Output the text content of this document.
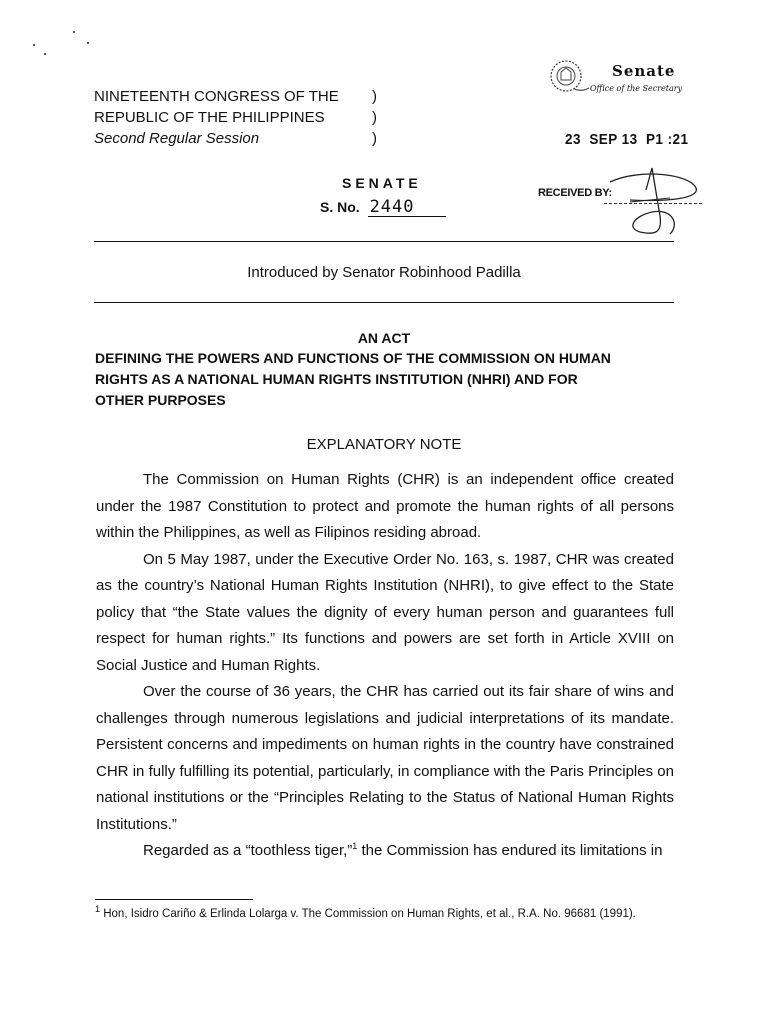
NINETEENTH CONGRESS OF THE
REPUBLIC OF THE PHILIPPINES
Second Regular Session
)
)
)
Senate
Office of the Secretary
23  SEP 13  P1 :21
RECEIVED BY:
SENATE
S. No. 2440
Introduced by Senator Robinhood Padilla
AN ACT
DEFINING THE POWERS AND FUNCTIONS OF THE COMMISSION ON HUMAN
RIGHTS AS A NATIONAL HUMAN RIGHTS INSTITUTION (NHRI) AND FOR
OTHER PURPOSES
EXPLANATORY NOTE

The Commission on Human Rights (CHR) is an independent office created under the 1987 Constitution to protect and promote the human rights of all persons within the Philippines, as well as Filipinos residing abroad.

On 5 May 1987, under the Executive Order No. 163, s. 1987, CHR was created as the country’s National Human Rights Institution (NHRI), to give effect to the State policy that “the State values the dignity of every human person and guarantees full respect for human rights.” Its functions and powers are set forth in Article XVIII on Social Justice and Human Rights.

Over the course of 36 years, the CHR has carried out its fair share of wins and challenges through numerous legislations and judicial interpretations of its mandate. Persistent concerns and impediments on human rights in the country have constrained CHR in fully fulfilling its potential, particularly, in compliance with the Paris Principles on national institutions or the “Principles Relating to the Status of National Human Rights Institutions.”

Regarded as a “toothless tiger,”$^1$ the Commission has endured its limitations in

$^1$ Hon, Isidro Cariño & Erlinda Lolarga v. The Commission on Human Rights, et al., R.A. No. 96681 (1991).
